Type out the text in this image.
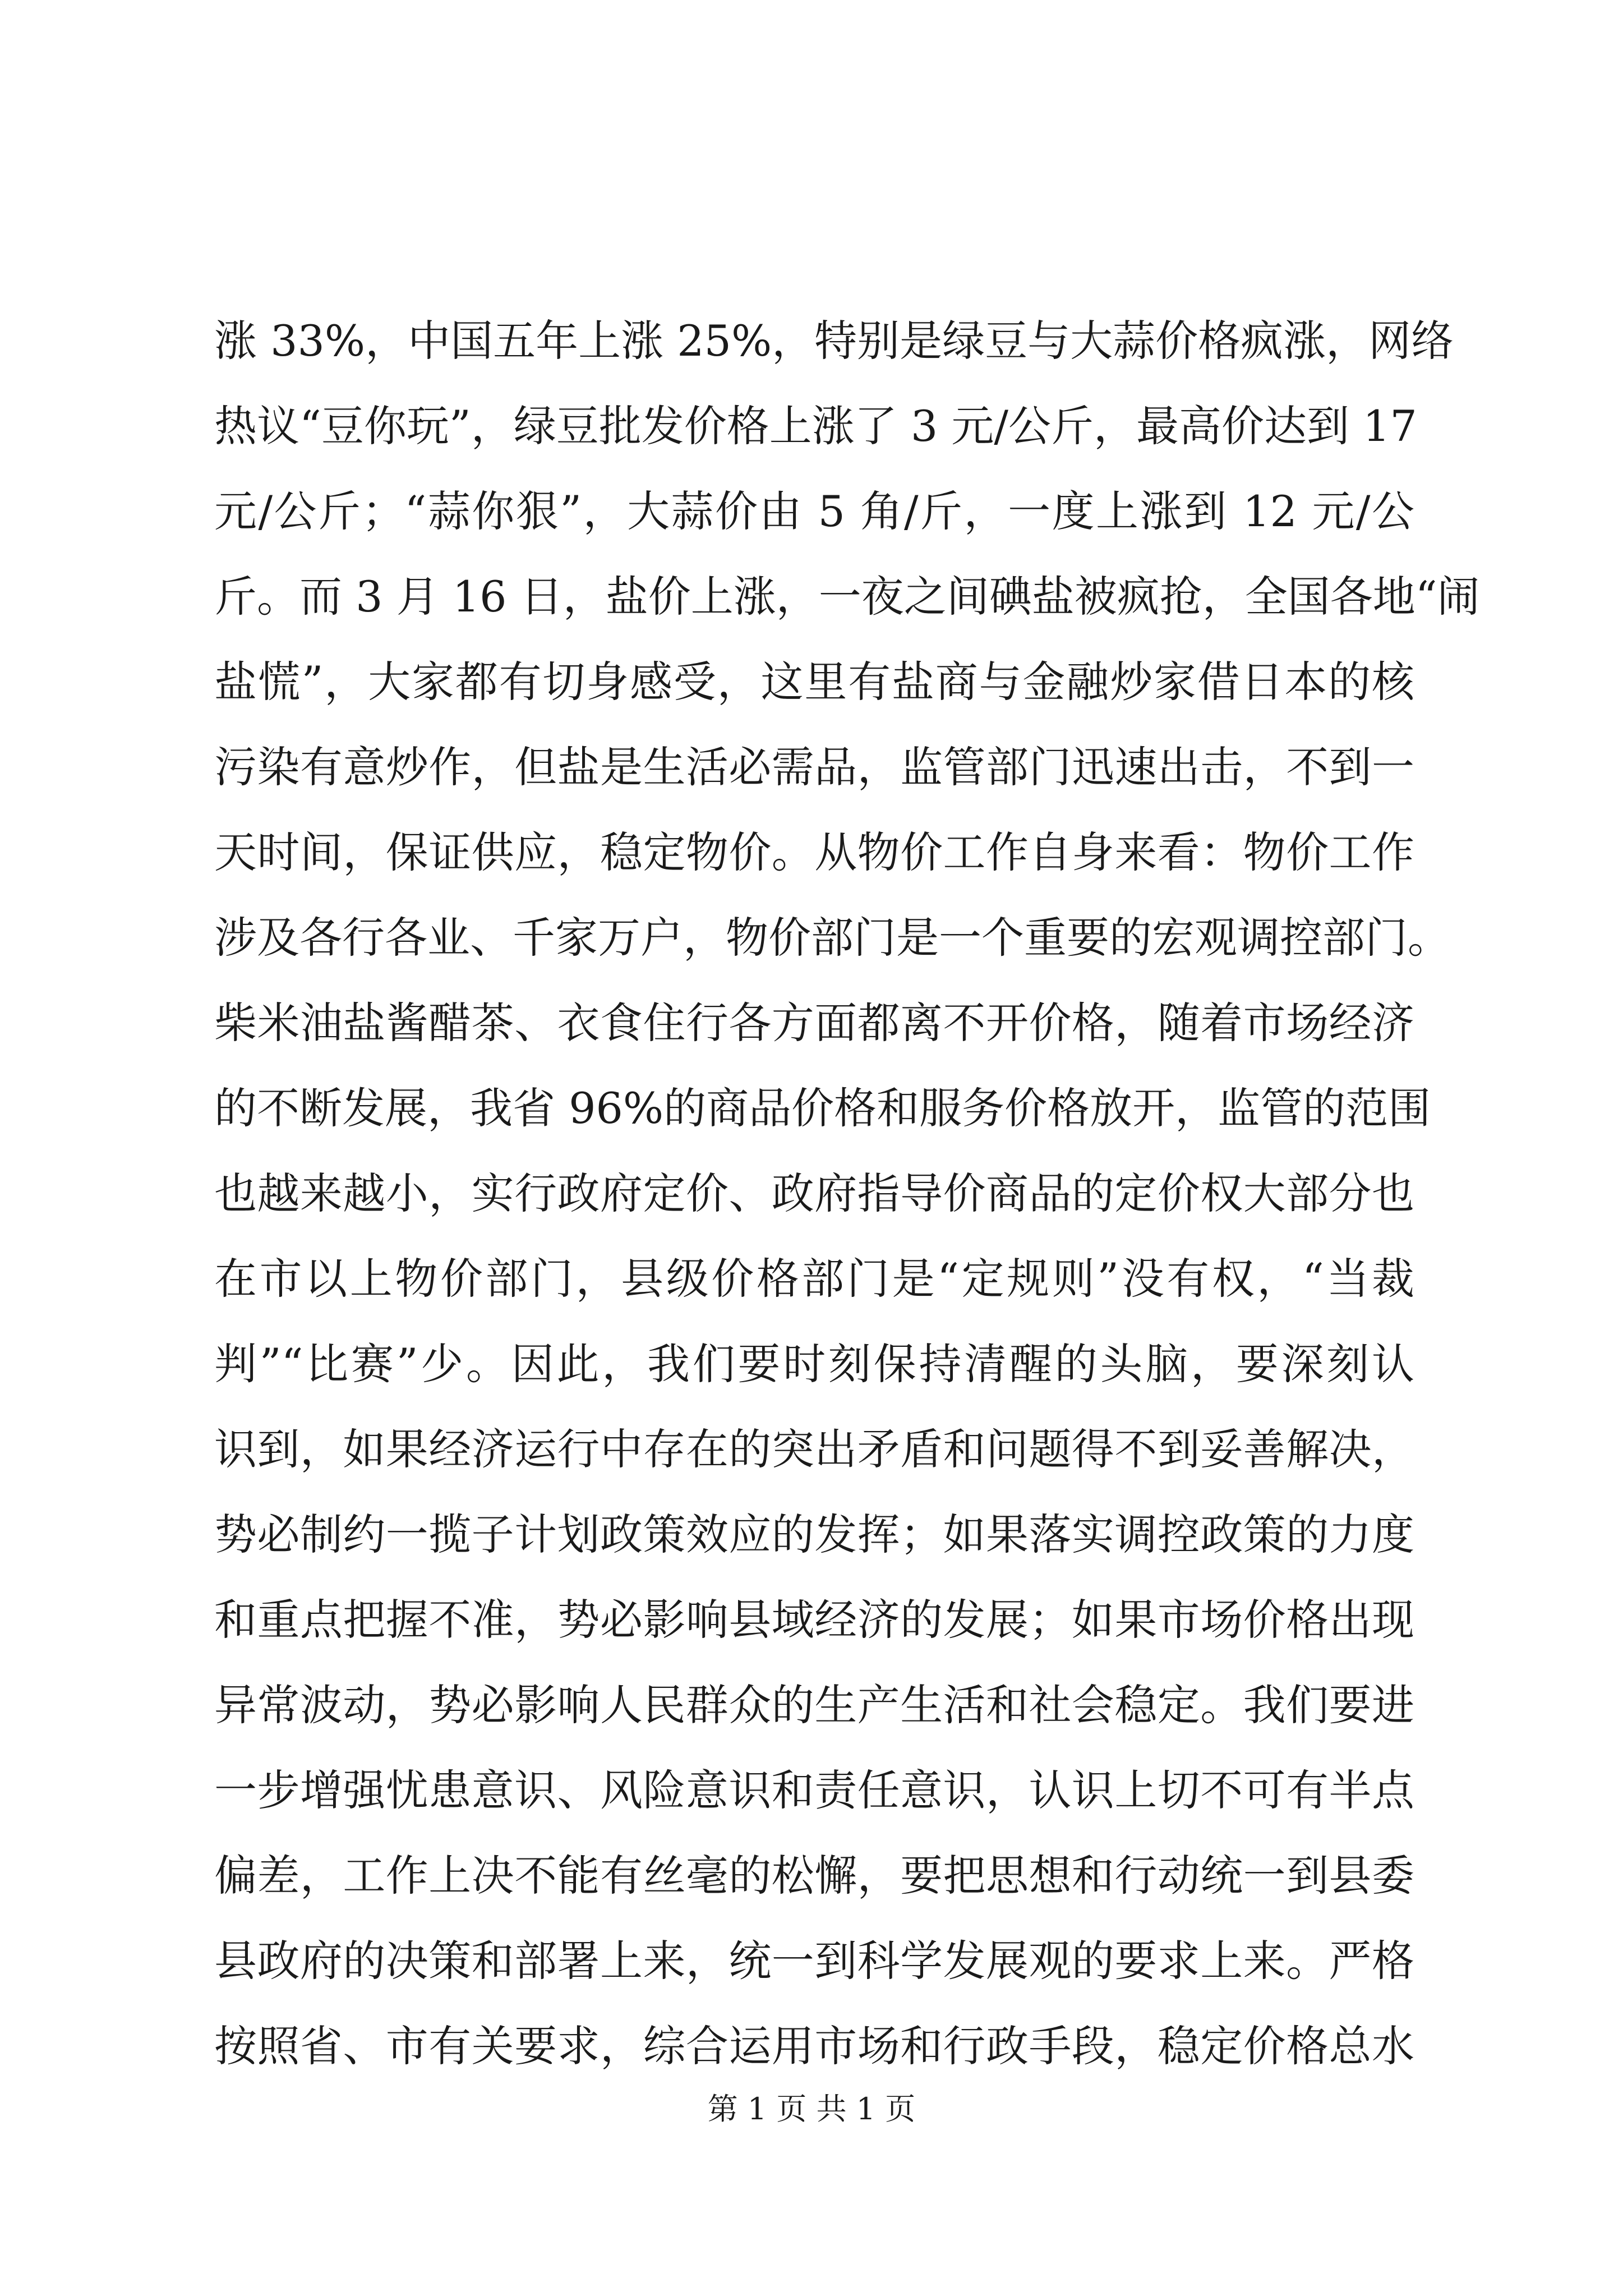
涨 33%，中国五年上涨 25%，特别是绿豆与大蒜价格疯涨，网络
热议“豆你玩”，绿豆批发价格上涨了 3 元/公斤，最高价达到 17
元/公斤；“蒜你狠”，大蒜价由 5 角/斤，一度上涨到 12 元/公
斤。而 3 月 16 日，盐价上涨，一夜之间碘盐被疯抢，全国各地“闹
盐慌”，大家都有切身感受，这里有盐商与金融炒家借日本的核
污染有意炒作，但盐是生活必需品，监管部门迅速出击，不到一
天时间，保证供应，稳定物价。从物价工作自身来看：物价工作
涉及各行各业、千家万户，物价部门是一个重要的宏观调控部门。
柴米油盐酱醋茶、衣食住行各方面都离不开价格，随着市场经济
的不断发展，我省 96%的商品价格和服务价格放开，监管的范围
也越来越小，实行政府定价、政府指导价商品的定价权大部分也
在市以上物价部门，县级价格部门是“定规则”没有权，“当裁
判”“比赛”少。因此，我们要时刻保持清醒的头脑，要深刻认
识到，如果经济运行中存在的突出矛盾和问题得不到妥善解决，
势必制约一揽子计划政策效应的发挥；如果落实调控政策的力度
和重点把握不准，势必影响县域经济的发展；如果市场价格出现
异常波动，势必影响人民群众的生产生活和社会稳定。我们要进
一步增强忧患意识、风险意识和责任意识，认识上切不可有半点
偏差，工作上决不能有丝毫的松懈，要把思想和行动统一到县委
县政府的决策和部署上来，统一到科学发展观的要求上来。严格
按照省、市有关要求，综合运用市场和行政手段，稳定价格总水
第 1 页 共 1 页
